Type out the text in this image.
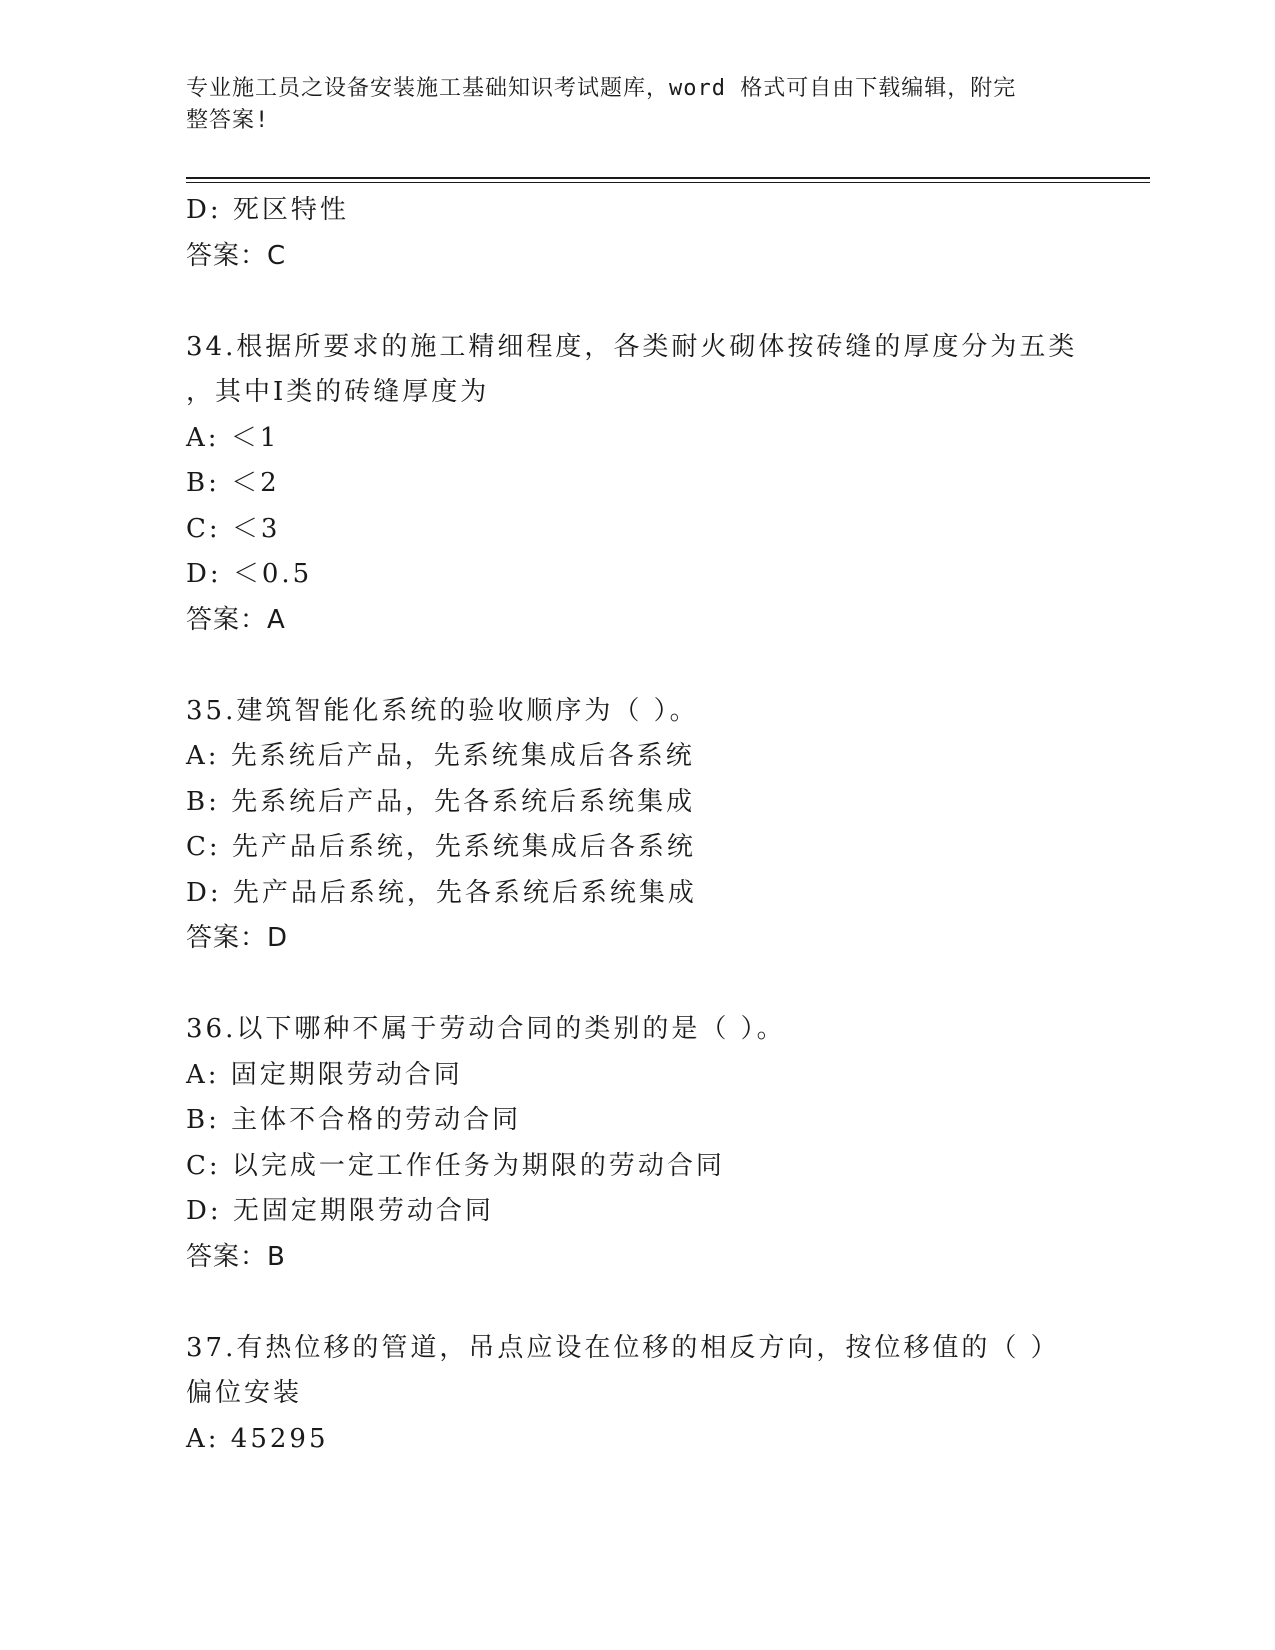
专业施工员之设备安装施工基础知识考试题库，word 格式可自由下载编辑，附完
整答案!
D: 死区特性
答案：C
34.根据所要求的施工精细程度，各类耐火砌体按砖缝的厚度分为五类
，其中Ⅰ类的砖缝厚度为
A: ＜1
B: ＜2
C: ＜3
D: ＜0.5
答案：A
35.建筑智能化系统的验收顺序为（ ）。
A: 先系统后产品，先系统集成后各系统
B: 先系统后产品，先各系统后系统集成
C: 先产品后系统，先系统集成后各系统
D: 先产品后系统，先各系统后系统集成
答案：D
36.以下哪种不属于劳动合同的类别的是（ ）。
A: 固定期限劳动合同
B: 主体不合格的劳动合同
C: 以完成一定工作任务为期限的劳动合同
D: 无固定期限劳动合同
答案：B
37.有热位移的管道，吊点应设在位移的相反方向，按位移值的（ ）
偏位安装
A: 45295
